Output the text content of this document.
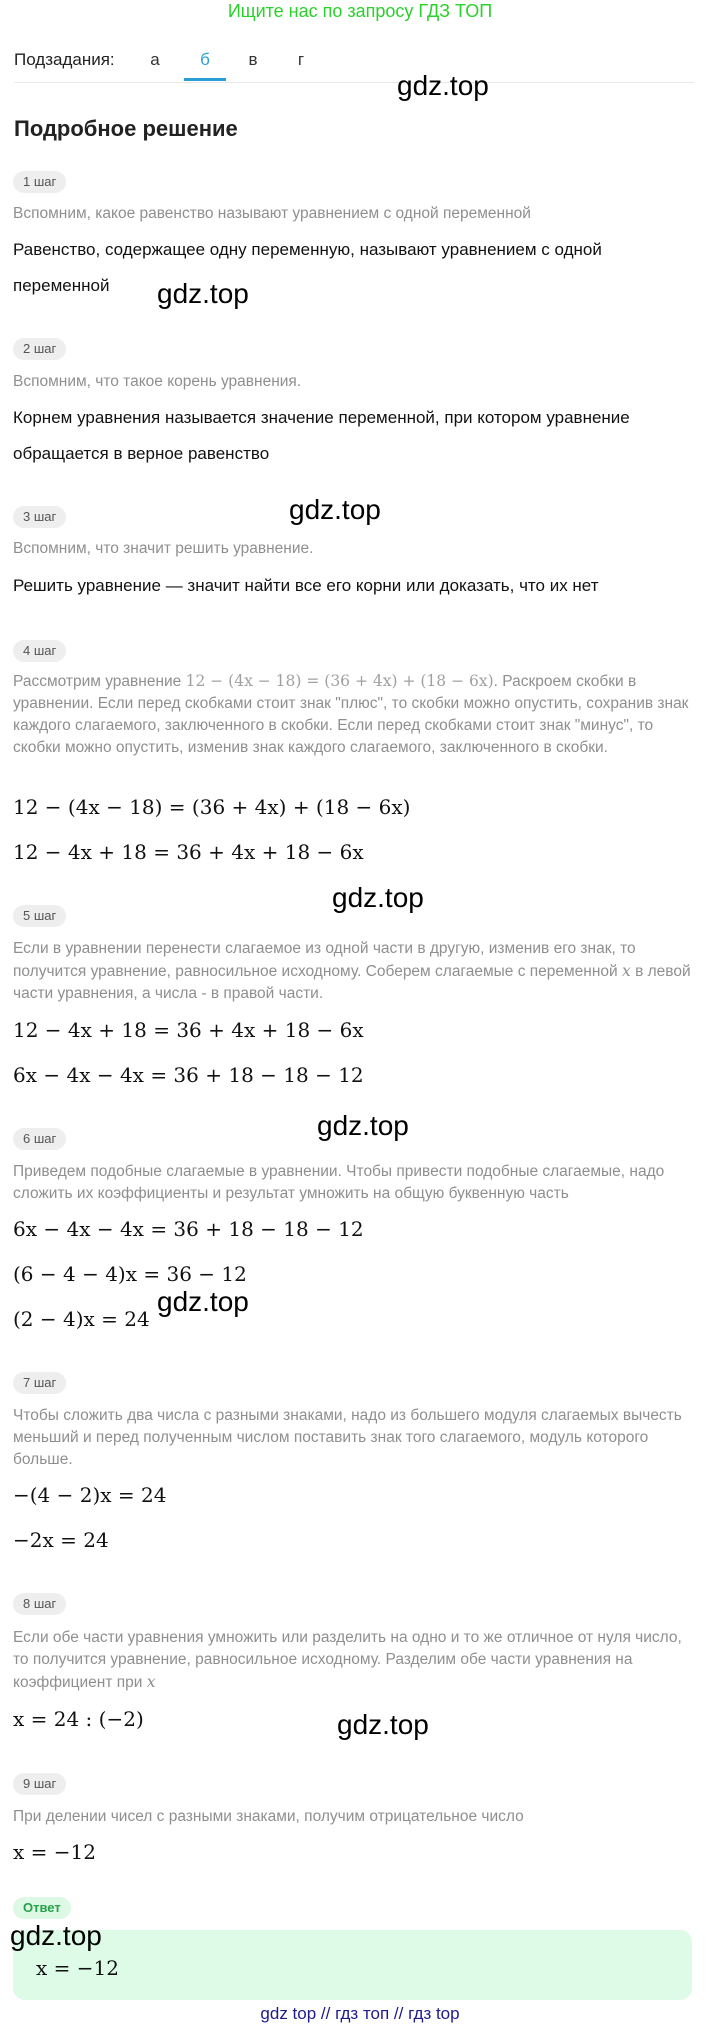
Ищите нас по запросу ГДЗ ТОП
Подзадания:	а	б	в	г
Подробное решение
1 шаг
Вспомним, какое равенство называют уравнением с одной переменной
Равенство, содержащее одну переменную, называют уравнением с одной переменной
2 шаг
Вспомним, что такое корень уравнения.
Корнем уравнения называется значение переменной, при котором уравнение обращается в верное равенство
3 шаг
Вспомним, что значит решить уравнение.
Решить уравнение — значит найти все его корни или доказать, что их нет
4 шаг
Рассмотрим уравнение 12 − (4x − 18) = (36 + 4x) + (18 − 6x). Раскроем скобки в уравнении. Если перед скобками стоит знак "плюс", то скобки можно опустить, сохранив знак каждого слагаемого, заключенного в скобки. Если перед скобками стоит знак "минус", то скобки можно опустить, изменив знак каждого слагаемого, заключенного в скобки.
12 − (4x − 18) = (36 + 4x) + (18 − 6x)
12 − 4x + 18 = 36 + 4x + 18 − 6x
5 шаг
Если в уравнении перенести слагаемое из одной части в другую, изменив его знак, то получится уравнение, равносильное исходному. Соберем слагаемые с переменной x в левой части уравнения, а числа - в правой части.
12 − 4x + 18 = 36 + 4x + 18 − 6x
6x − 4x − 4x = 36 + 18 − 18 − 12
6 шаг
Приведем подобные слагаемые в уравнении. Чтобы привести подобные слагаемые, надо сложить их коэффициенты и результат умножить на общую буквенную часть
6x − 4x − 4x = 36 + 18 − 18 − 12
(6 − 4 − 4)x = 36 − 12
(2 − 4)x = 24
7 шаг
Чтобы сложить два числа с разными знаками, надо из большего модуля слагаемых вычесть меньший и перед полученным числом поставить знак того слагаемого, модуль которого больше.
−(4 − 2)x = 24
−2x = 24
8 шаг
Если обе части уравнения умножить или разделить на одно и то же отличное от нуля число, то получится уравнение, равносильное исходному. Разделим обе части уравнения на коэффициент при x
x = 24 : (−2)
9 шаг
При делении чисел с разными знаками, получим отрицательное число
x = −12
Ответ
x = −12
gdz.top
gdz.top
gdz.top
gdz.top
gdz.top
gdz.top
gdz.top
gdz.top
gdz top // гдз топ // гдз top
